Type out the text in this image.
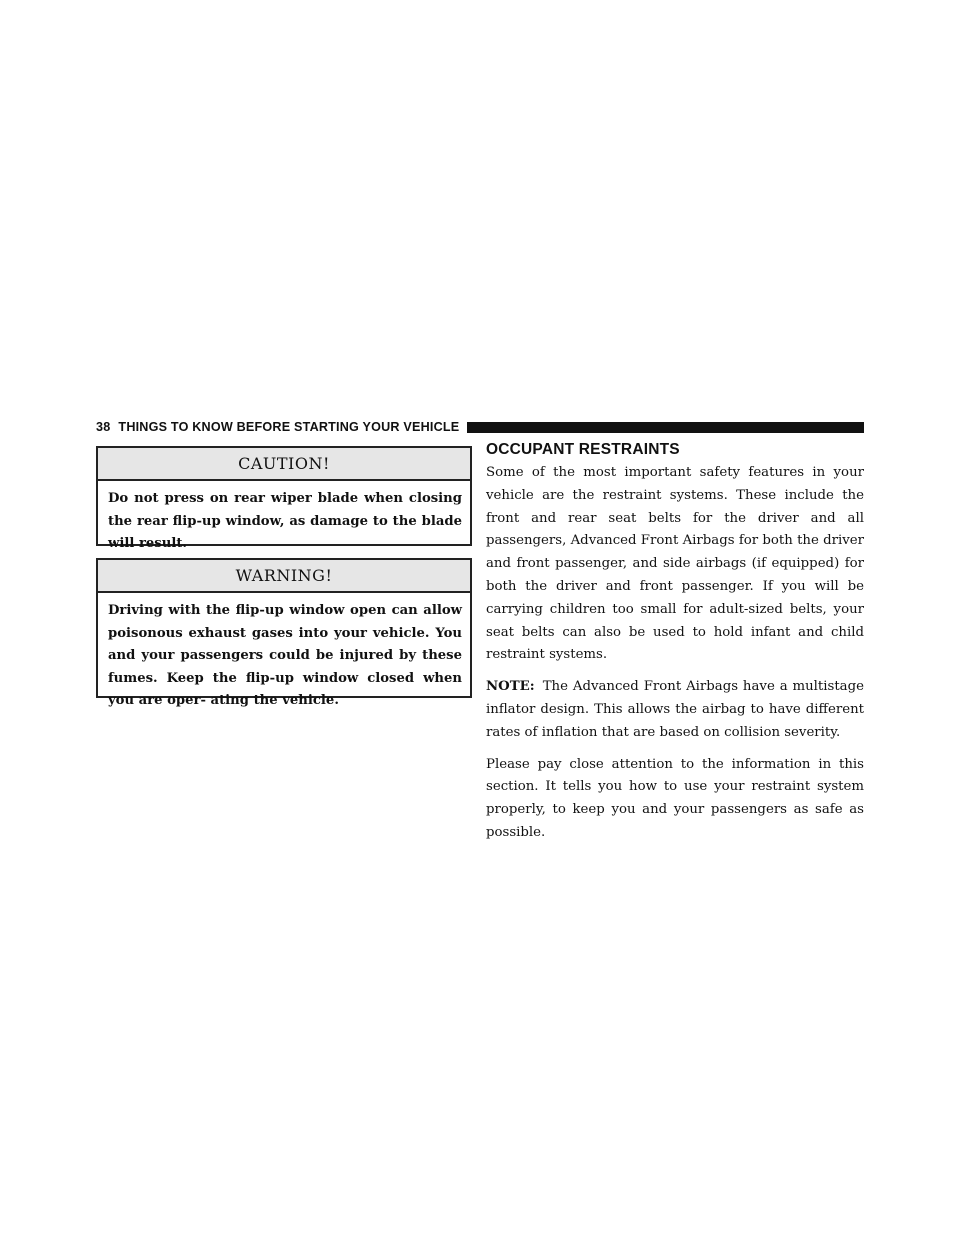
38 THINGS TO KNOW BEFORE STARTING YOUR VEHICLE
CAUTION!
Do not press on rear wiper blade when closing the rear flip-up window, as damage to the blade will result.
WARNING!
Driving with the flip-up window open can allow poisonous exhaust gases into your vehicle. You and your passengers could be injured by these fumes. Keep the flip-up window closed when you are oper- ating the vehicle.
OCCUPANT RESTRAINTS

Some of the most important safety features in your vehicle are the restraint systems. These include the front and rear seat belts for the driver and all passengers, Advanced Front Airbags for both the driver and front passenger, and side airbags (if equipped) for both the driver and front passenger. If you will be carrying children too small for adult-sized belts, your seat belts can also be used to hold infant and child restraint systems.

NOTE: The Advanced Front Airbags have a multistage inflator design. This allows the airbag to have different rates of inflation that are based on collision severity.

Please pay close attention to the information in this section. It tells you how to use your restraint system properly, to keep you and your passengers as safe as possible.
